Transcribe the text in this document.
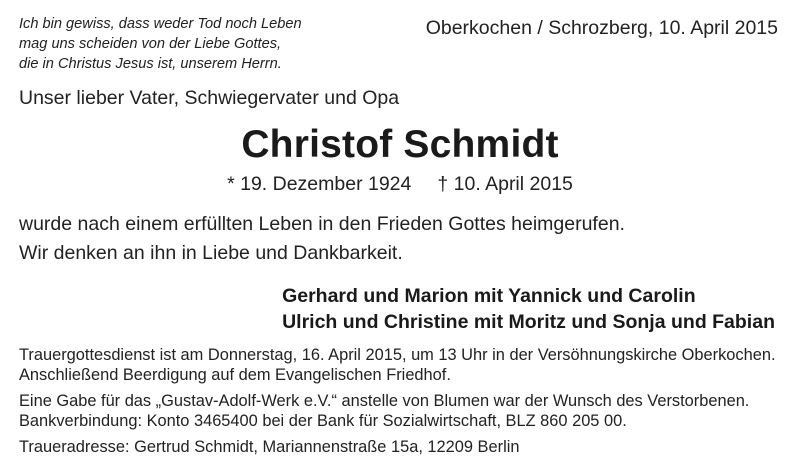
Ich bin gewiss, dass weder Tod noch Leben
mag uns scheiden von der Liebe Gottes,
die in Christus Jesus ist, unserem Herrn.
Oberkochen / Schrozberg, 10. April 2015
Unser lieber Vater, Schwiegervater und Opa
Christof Schmidt
* 19. Dezember 1924 † 10. April 2015
wurde nach einem erfüllten Leben in den Frieden Gottes heimgerufen.
Wir denken an ihn in Liebe und Dankbarkeit.
Gerhard und Marion mit Yannick und Carolin
Ulrich und Christine mit Moritz und Sonja und Fabian
Trauergottesdienst ist am Donnerstag, 16. April 2015, um 13 Uhr in der Versöhnungskirche Oberkochen.
Anschließend Beerdigung auf dem Evangelischen Friedhof.
Eine Gabe für das „Gustav-Adolf-Werk e.V.“ anstelle von Blumen war der Wunsch des Verstorbenen.
Bankverbindung: Konto 3465400 bei der Bank für Sozialwirtschaft, BLZ 860 205 00.
Traueradresse: Gertrud Schmidt, Mariannenstraße 15a, 12209 Berlin
